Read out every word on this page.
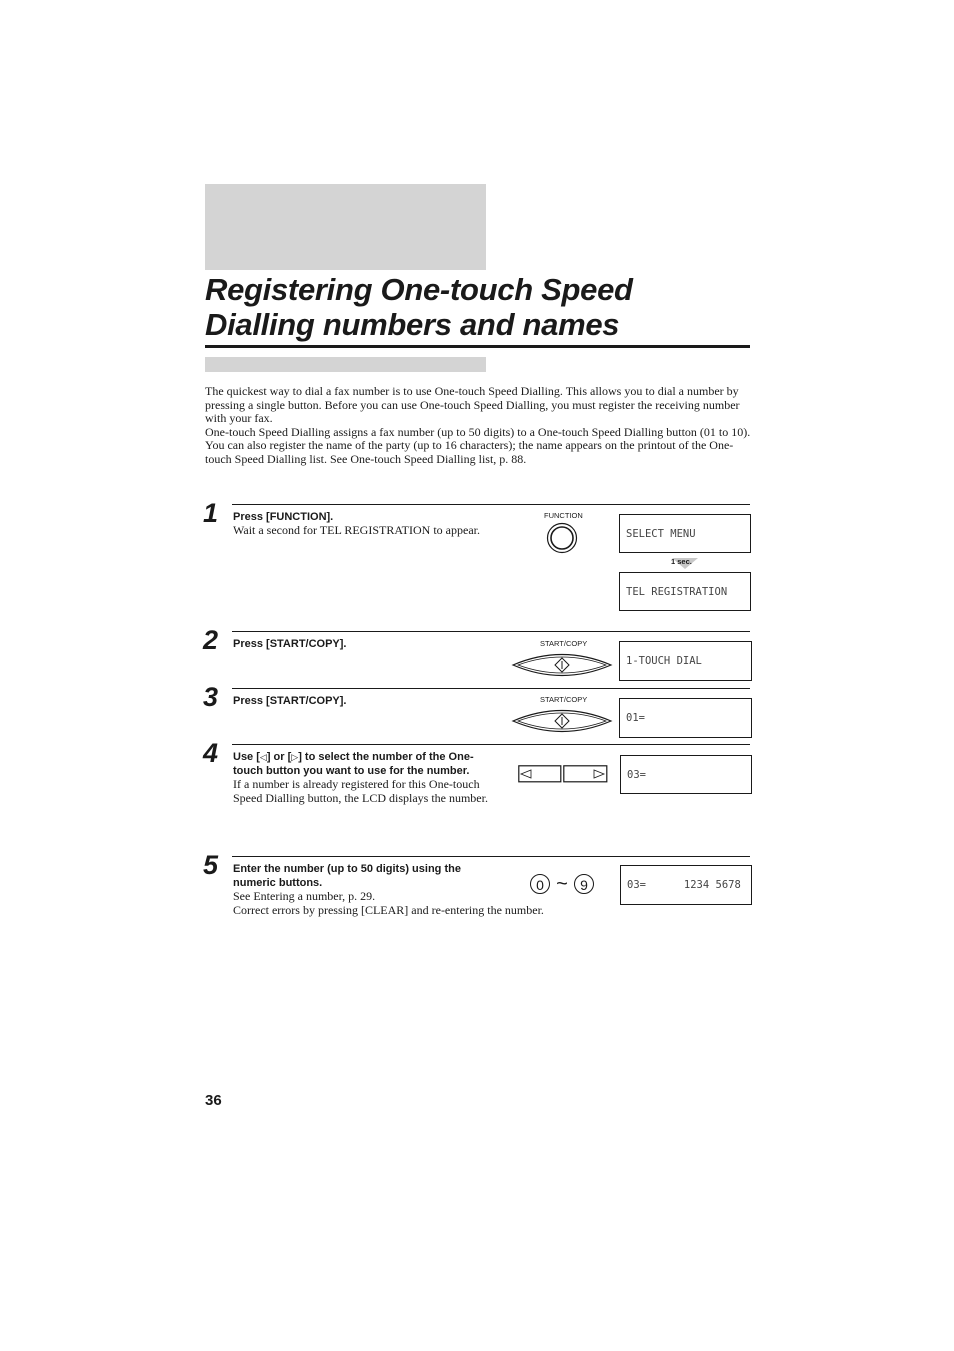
Registering One-touch Speed
Dialling numbers and names

The quickest way to dial a fax number is to use One-touch Speed Dialling. This allows you to dial a number by pressing a single button. Before you can use One-touch Speed Dialling, you must register the receiving number with your fax.

One-touch Speed Dialling assigns a fax number (up to 50 digits) to a One-touch Speed Dialling button (01 to 10).

You can also register the name of the party (up to 16 characters); the name appears on the printout of the One-touch Speed Dialling list. See One-touch Speed Dialling list, p. 88.

1 Press [FUNCTION].
Wait a second for TEL REGISTRATION to appear.
FUNCTION
SELECT MENU
1 sec.
TEL REGISTRATION
2 Press [START/COPY].	START/COPY
1-TOUCH DIAL
3 Press [START/COPY].	START/COPY
01=
4 Use [◁] or [▷] to select the number of the One-touch button you want to use for the number.
If a number is already registered for this One-touch Speed Dialling button, the LCD displays the number.
03=
5 Enter the number (up to 50 digits) using the numeric buttons.
See Entering a number, p. 29.
Correct errors by pressing [CLEAR] and re-entering the number.
0 ~ 9	03=      1234 5678
36
